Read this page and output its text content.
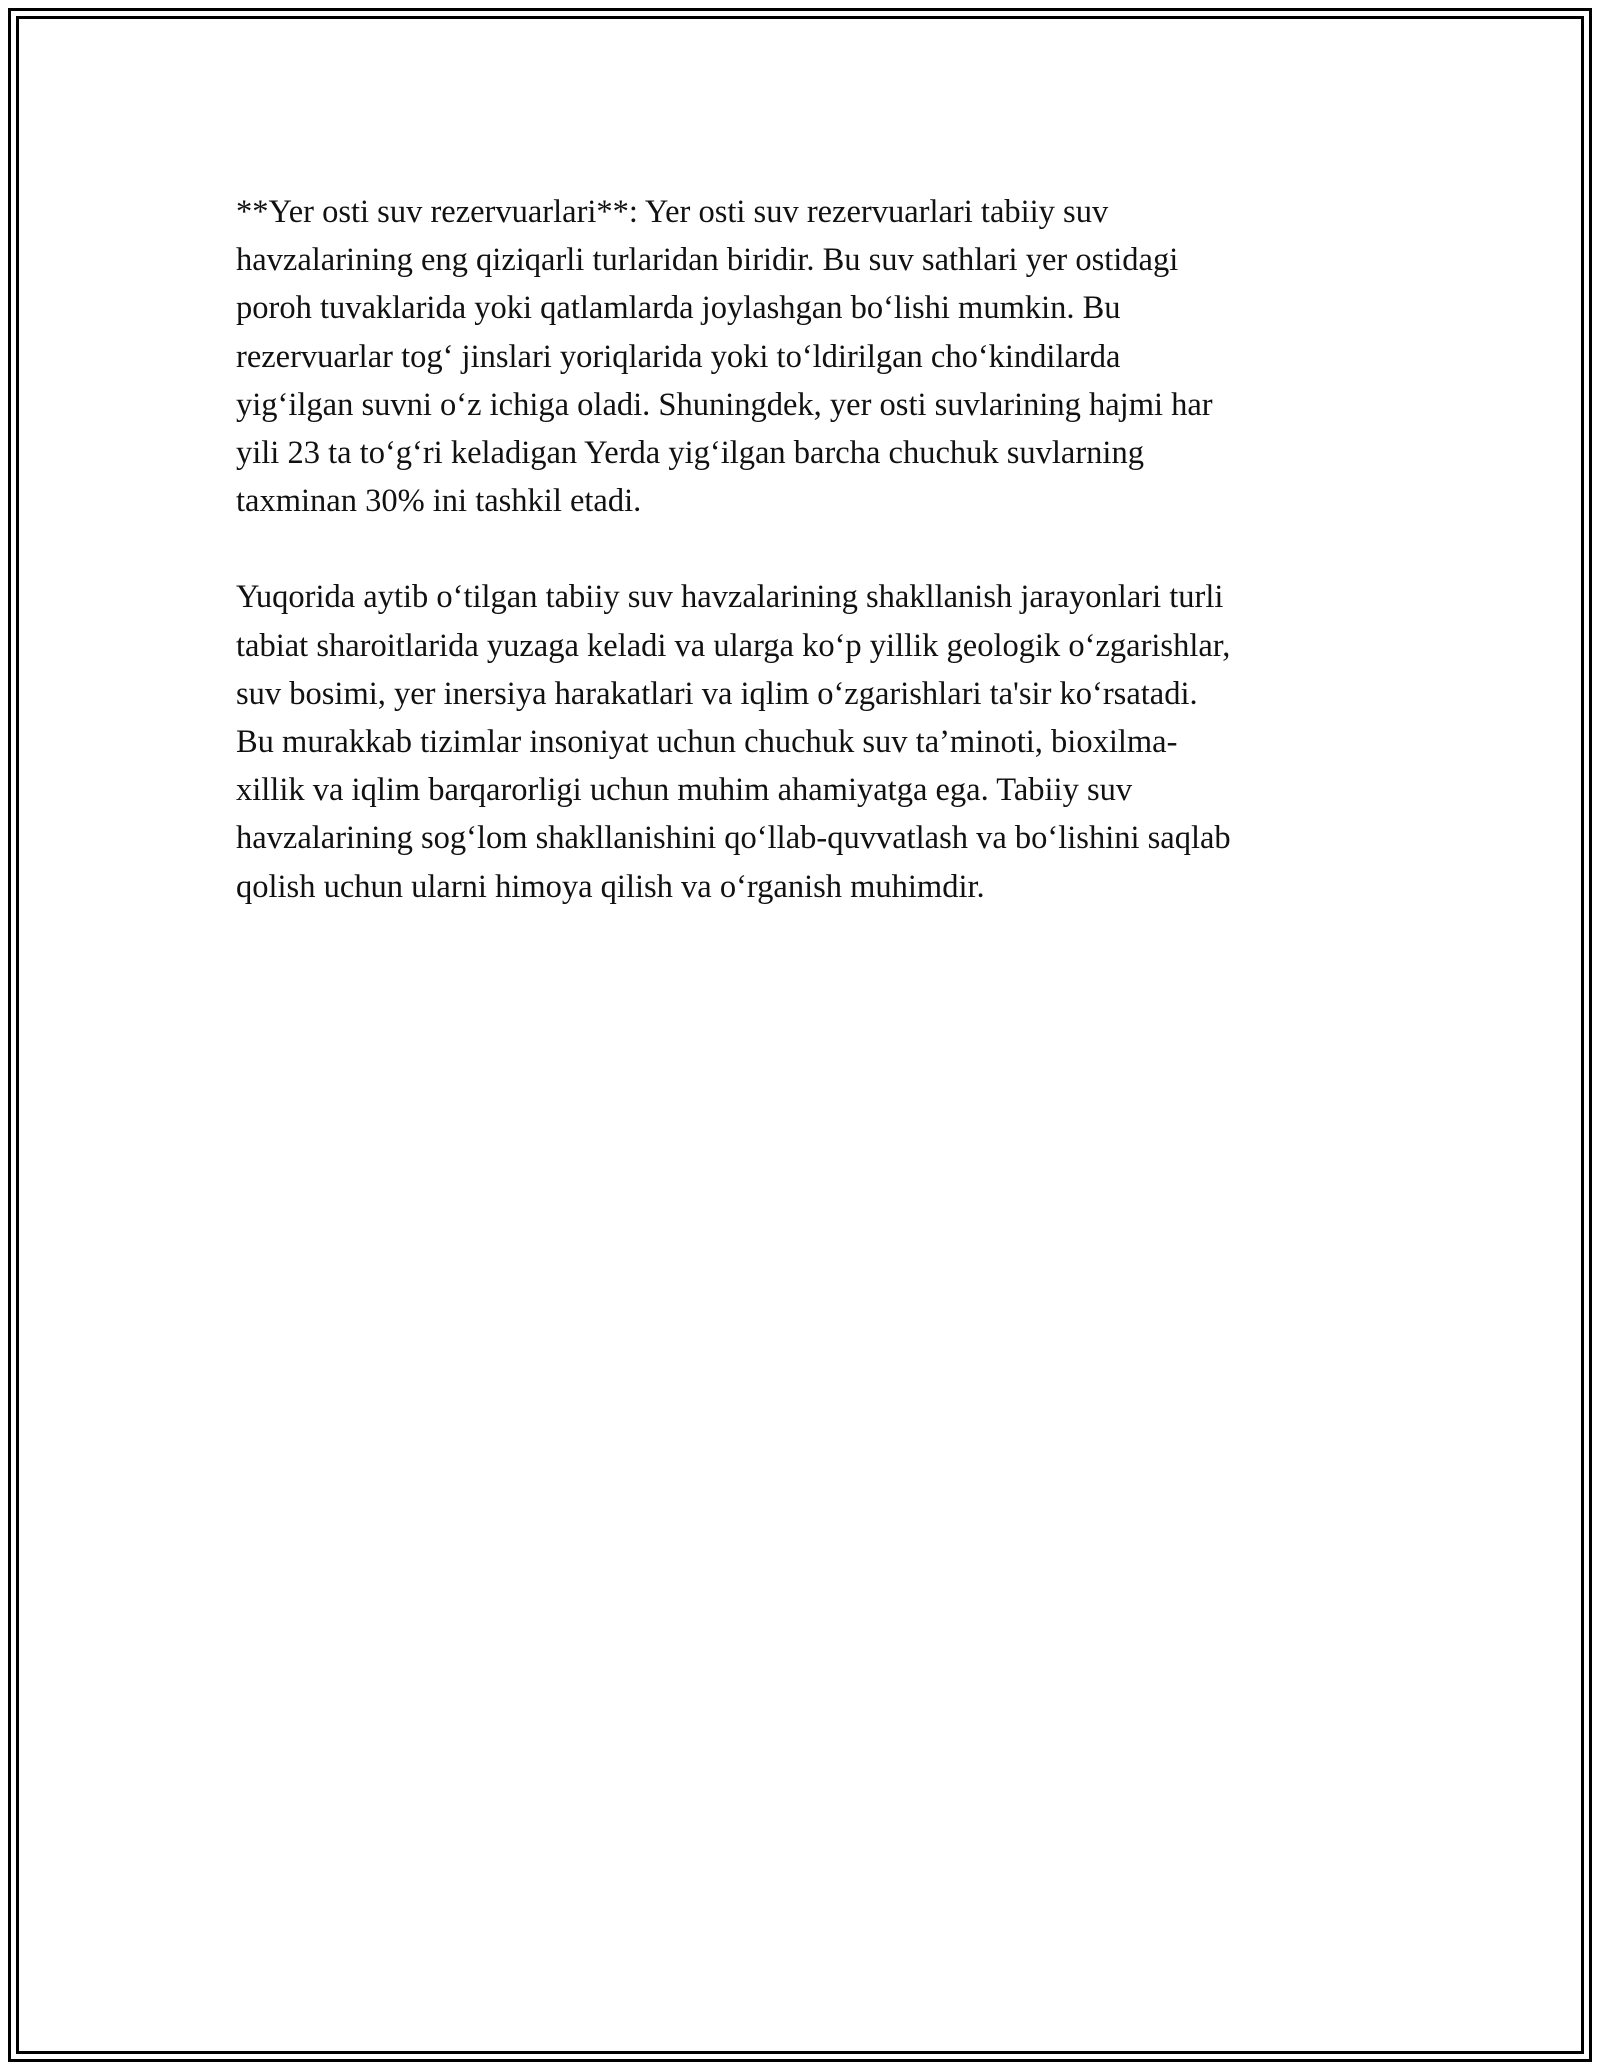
**Yer osti suv rezervuarlari**: Yer osti suv rezervuarlari tabiiy suv
havzalarining eng qiziqarli turlaridan biridir. Bu suv sathlari yer ostidagi
poroh tuvaklarida yoki qatlamlarda joylashgan bo‘lishi mumkin. Bu
rezervuarlar tog‘ jinslari yoriqlarida yoki to‘ldirilgan cho‘kindilarda
yig‘ilgan suvni o‘z ichiga oladi. Shuningdek, yer osti suvlarining hajmi har
yili 23 ta to‘g‘ri keladigan Yerda yig‘ilgan barcha chuchuk suvlarning
taxminan 30% ini tashkil etadi.

Yuqorida aytib o‘tilgan tabiiy suv havzalarining shakllanish jarayonlari turli
tabiat sharoitlarida yuzaga keladi va ularga ko‘p yillik geologik o‘zgarishlar,
suv bosimi, yer inersiya harakatlari va iqlim o‘zgarishlari ta'sir ko‘rsatadi.
Bu murakkab tizimlar insoniyat uchun chuchuk suv ta’minoti, bioxilma-
xillik va iqlim barqarorligi uchun muhim ahamiyatga ega. Tabiiy suv
havzalarining sog‘lom shakllanishini qo‘llab-quvvatlash va bo‘lishini saqlab
qolish uchun ularni himoya qilish va o‘rganish muhimdir.
